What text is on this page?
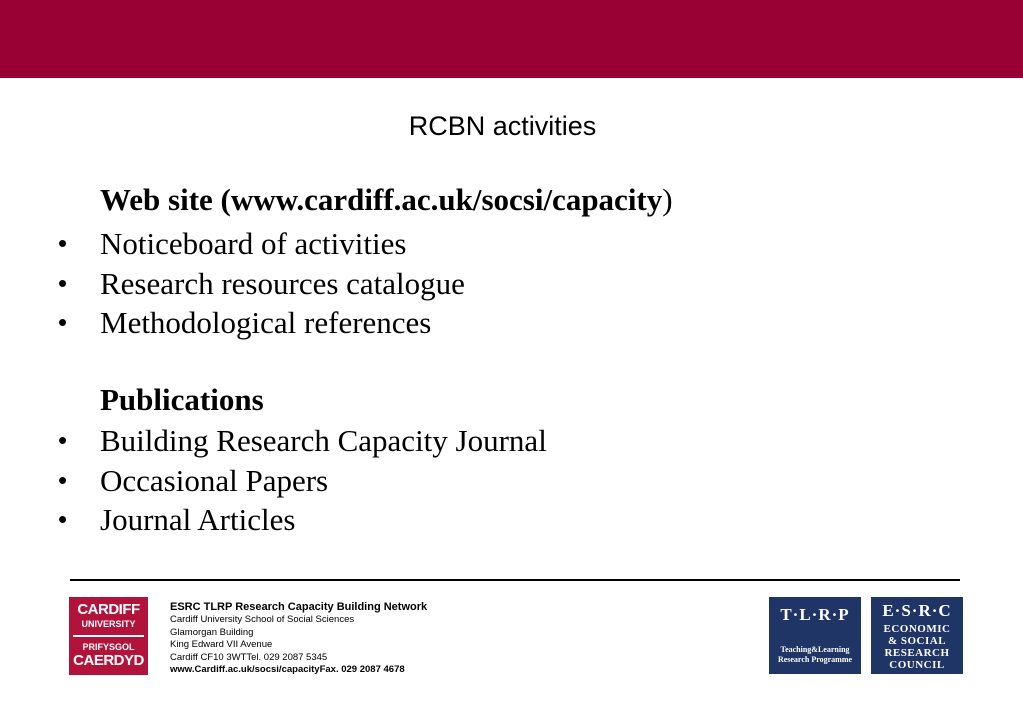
RCBN activities
Web site (www.cardiff.ac.uk/socsi/capacity)
• Noticeboard of activities
• Research resources catalogue
• Methodological references
Publications
• Building Research Capacity Journal
• Occasional Papers
• Journal Articles
CARDIFF
UNIVERSITY
PRIFYSGOL
CAERDYD
ESRC TLRP Research Capacity Building Network
Cardiff University School of Social Sciences
Glamorgan Building
King Edward VII Avenue
Cardiff CF10 3WTTel. 029 2087 5345
www.Cardiff.ac.uk/socsi/capacityFax. 029 2087 4678
T·L·R·P
Teaching&Learning
Research Programme
E·S·R·C
ECONOMIC
& SOCIAL
RESEARCH
COUNCIL
